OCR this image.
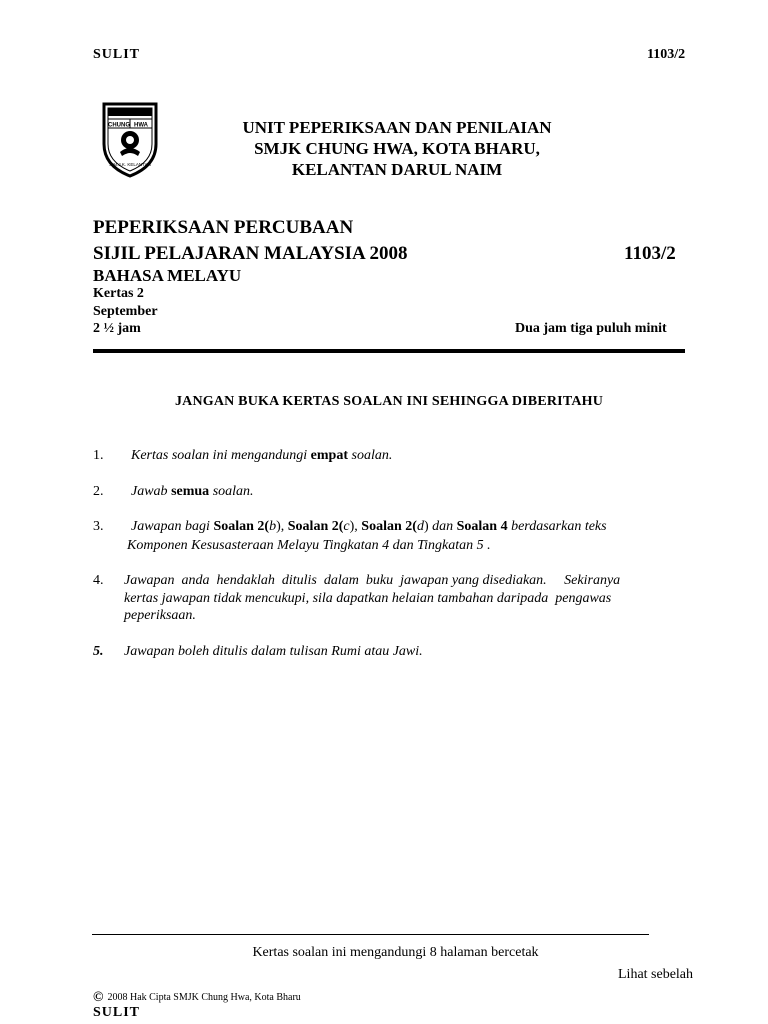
SULIT	1103/2
CHUNG HWA
S.M.J.K. KELANTAN
UNIT PEPERIKSAAN DAN PENILAIAN
SMJK CHUNG HWA, KOTA BHARU,
KELANTAN DARUL NAIM
PEPERIKSAAN PERCUBAAN
SIJIL PELAJARAN MALAYSIA 2008	1103/2
BAHASA MELAYU
Kertas 2
September
2 ½ jam	Dua jam tiga puluh minit
JANGAN BUKA KERTAS SOALAN INI SEHINGGA DIBERITAHU
1. Kertas soalan ini mengandungi empat soalan.
2. Jawab semua soalan.
3. Jawapan bagi Soalan 2(b), Soalan 2(c), Soalan 2(d) dan Soalan 4 berdasarkan teks
Komponen Kesusasteraan Melayu Tingkatan 4 dan Tingkatan 5 .
4. Jawapan  anda  hendaklah  ditulis  dalam  buku  jawapan yang disediakan.     Sekiranya
kertas jawapan tidak mencukupi, sila dapatkan helaian tambahan daripada  pengawas
peperiksaan.
5. Jawapan boleh ditulis dalam tulisan Rumi atau Jawi.
Kertas soalan ini mengandungi 8 halaman bercetak
Lihat sebelah
© 2008 Hak Cipta SMJK Chung Hwa, Kota Bharu
SULIT
